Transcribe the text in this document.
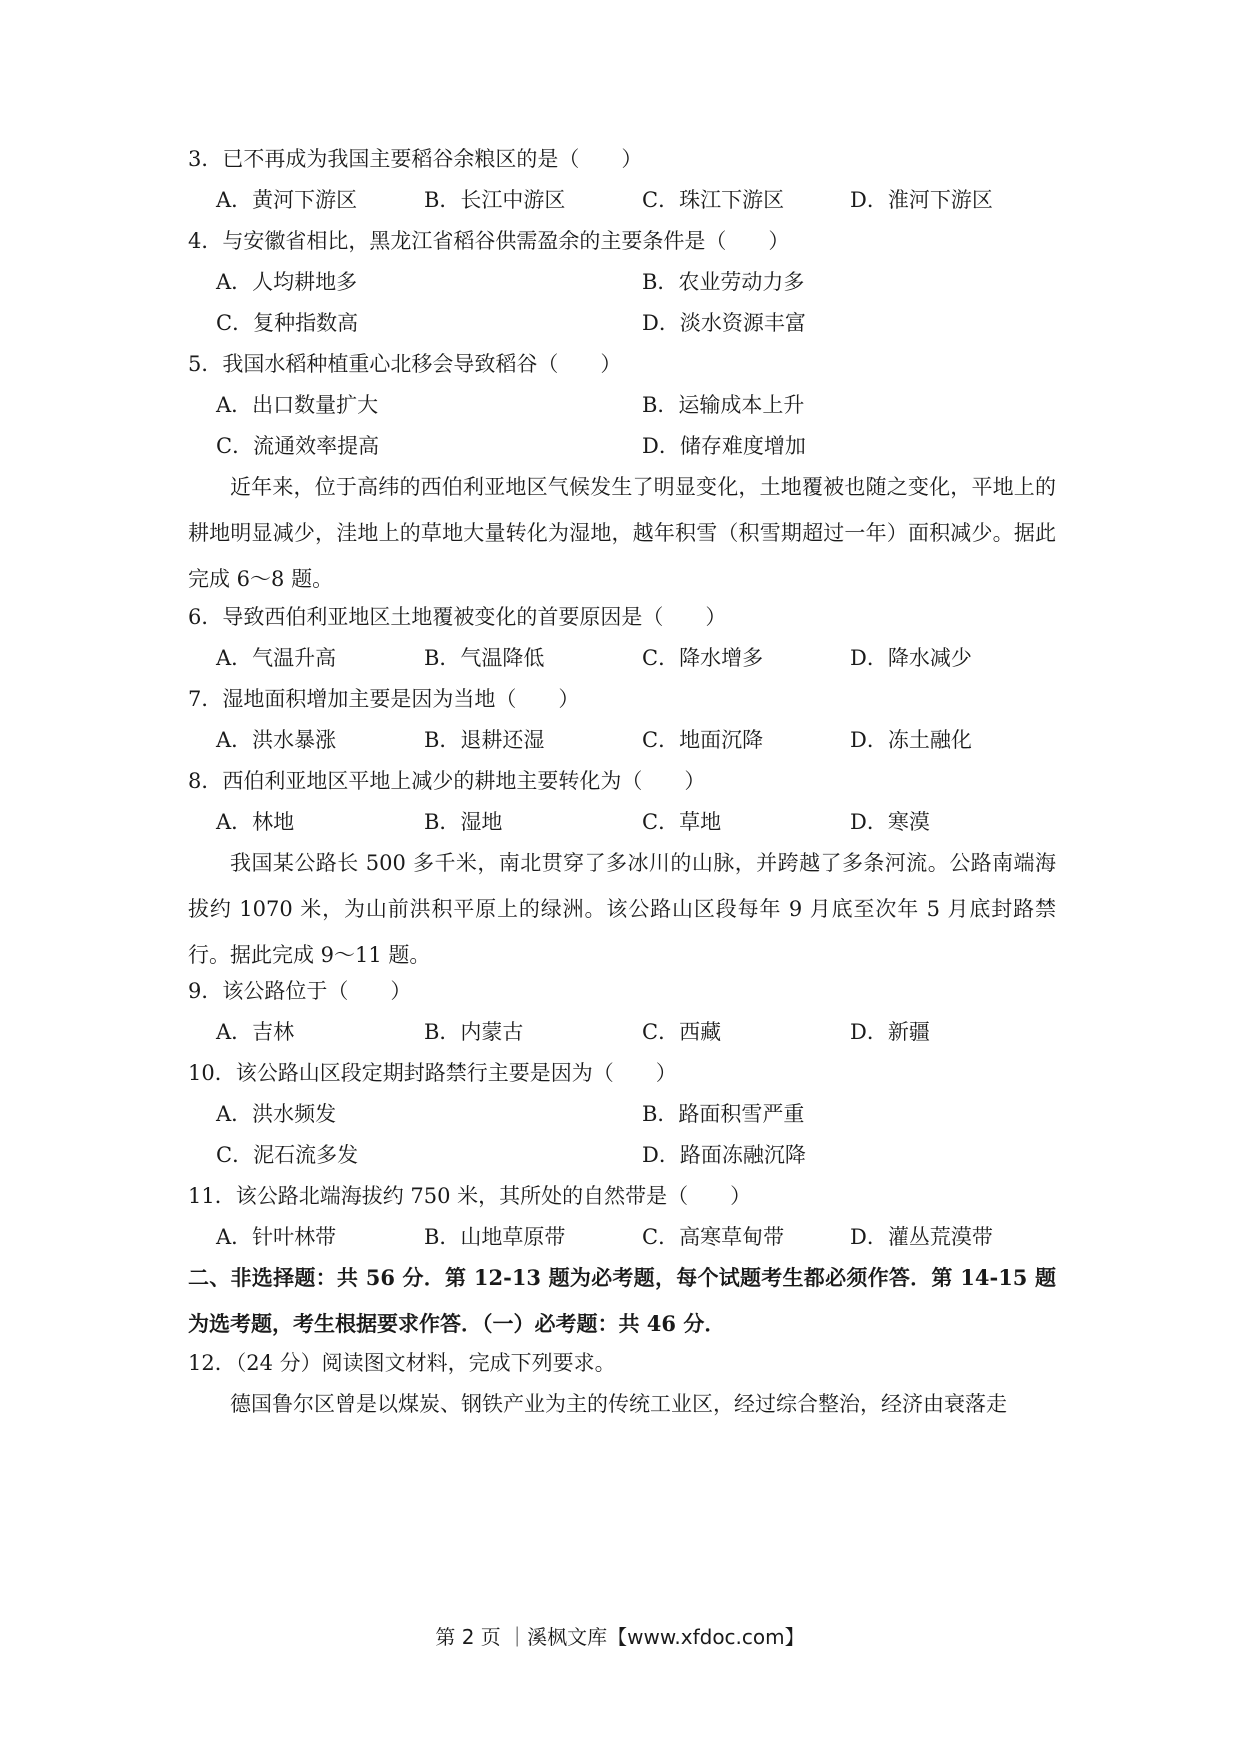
3．已不再成为我国主要稻谷余粮区的是（　　）
A．黄河下游区	B．长江中游区	C．珠江下游区	D．淮河下游区
4．与安徽省相比，黑龙江省稻谷供需盈余的主要条件是（　　）
A．人均耕地多	B．农业劳动力多
C．复种指数高	D．淡水资源丰富
5．我国水稻种植重心北移会导致稻谷（　　）
A．出口数量扩大	B．运输成本上升
C．流通效率提高	D．储存难度增加
近年来，位于高纬的西伯利亚地区气候发生了明显变化，土地覆被也随之变化，平地上的耕地明显减少，洼地上的草地大量转化为湿地，越年积雪（积雪期超过一年）面积减少。据此完成 6～8 题。
6．导致西伯利亚地区土地覆被变化的首要原因是（　　）
A．气温升高	B．气温降低	C．降水增多	D．降水减少
7．湿地面积增加主要是因为当地（　　）
A．洪水暴涨	B．退耕还湿	C．地面沉降	D．冻土融化
8．西伯利亚地区平地上减少的耕地主要转化为（　　）
A．林地	B．湿地	C．草地	D．寒漠
我国某公路长 500 多千米，南北贯穿了多冰川的山脉，并跨越了多条河流。公路南端海拔约 1070 米，为山前洪积平原上的绿洲。该公路山区段每年 9 月底至次年 5 月底封路禁行。据此完成 9～11 题。
9．该公路位于（　　）
A．吉林	B．内蒙古	C．西藏	D．新疆
10．该公路山区段定期封路禁行主要是因为（　　）
A．洪水频发	B．路面积雪严重
C．泥石流多发	D．路面冻融沉降
11．该公路北端海拔约 750 米，其所处的自然带是（　　）
A．针叶林带	B．山地草原带	C．高寒草甸带	D．灌丛荒漠带
二、非选择题：共 56 分．第 12-13 题为必考题，每个试题考生都必须作答．第 14-15 题为选考题，考生根据要求作答．（一）必考题：共 46 分．
12．（24 分）阅读图文材料，完成下列要求。
德国鲁尔区曾是以煤炭、钢铁产业为主的传统工业区，经过综合整治，经济由衰落走
第 2 页 ｜溪枫文库【www.xfdoc.com】
